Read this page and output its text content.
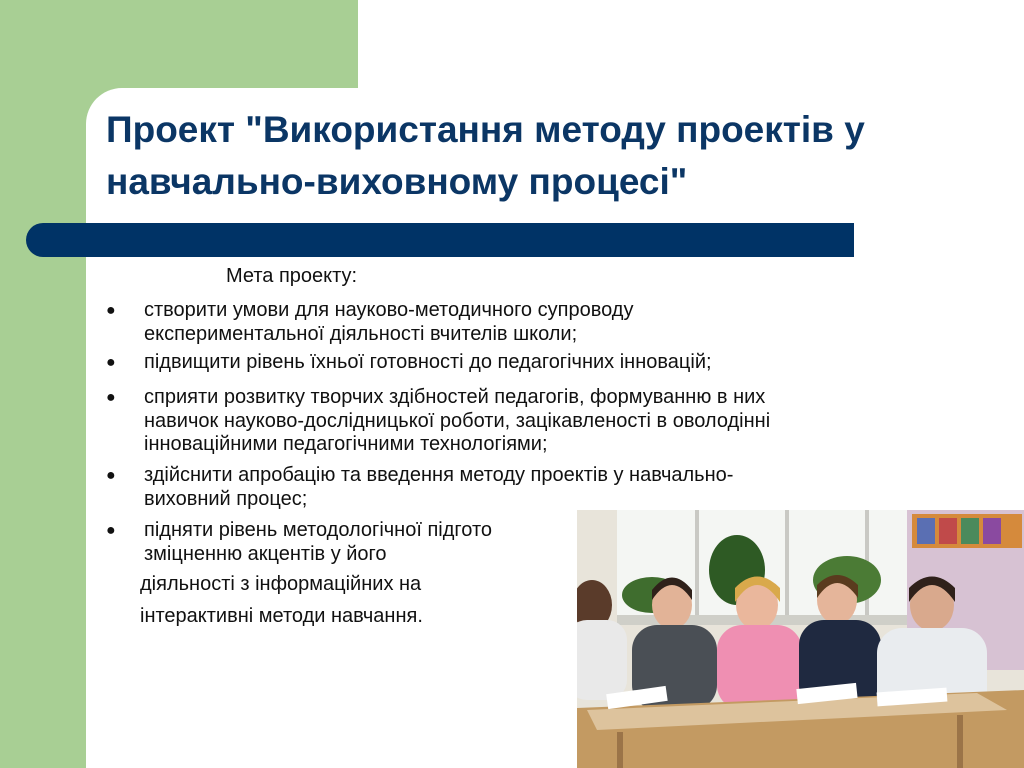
Проект "Використання методу проектів у
навчально-виховному процесі"
Мета проекту:
●	створити умови для науково-методичного супроводу
експериментальної діяльності вчителів школи;
●	підвищити рівень їхньої готовності до педагогічних інновацій;
●	сприяти розвитку творчих здібностей педагогів, формуванню в них
навичок науково-дослідницької роботи, зацікавленості в оволодінні
інноваційними педагогічними технологіями;
●	здійснити апробацію та введення методу проектів у навчально-
виховний процес;
●	підняти рівень методологічної підгото
зміцненню акцентів у його
діяльності з інформаційних на
інтерактивні методи навчання.
